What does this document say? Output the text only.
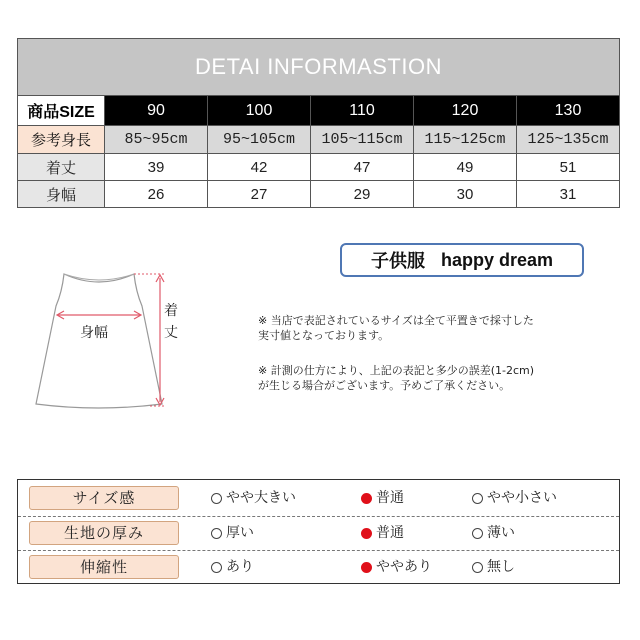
DETAI INFORMASTION					
商品SIZE	90	100	110	120	130
参考身長	85~95cm	95~105cm	105~115cm	115~125cm	125~135cm
着丈	39	42	47	49	51
身幅	26	27	29	30	31
身幅
着
丈
子供服 happy dream
※ 当店で表記されているサイズは全て平置きで採寸した
実寸値となっております。
※ 計測の仕方により、上記の表記と多少の誤差(1-2cm)
が生じる場合がございます。予めご了承ください。
サイズ感	やや大きい	普通	やや小さい
生地の厚み	厚い	普通	薄い
伸縮性	あり	ややあり	無し
